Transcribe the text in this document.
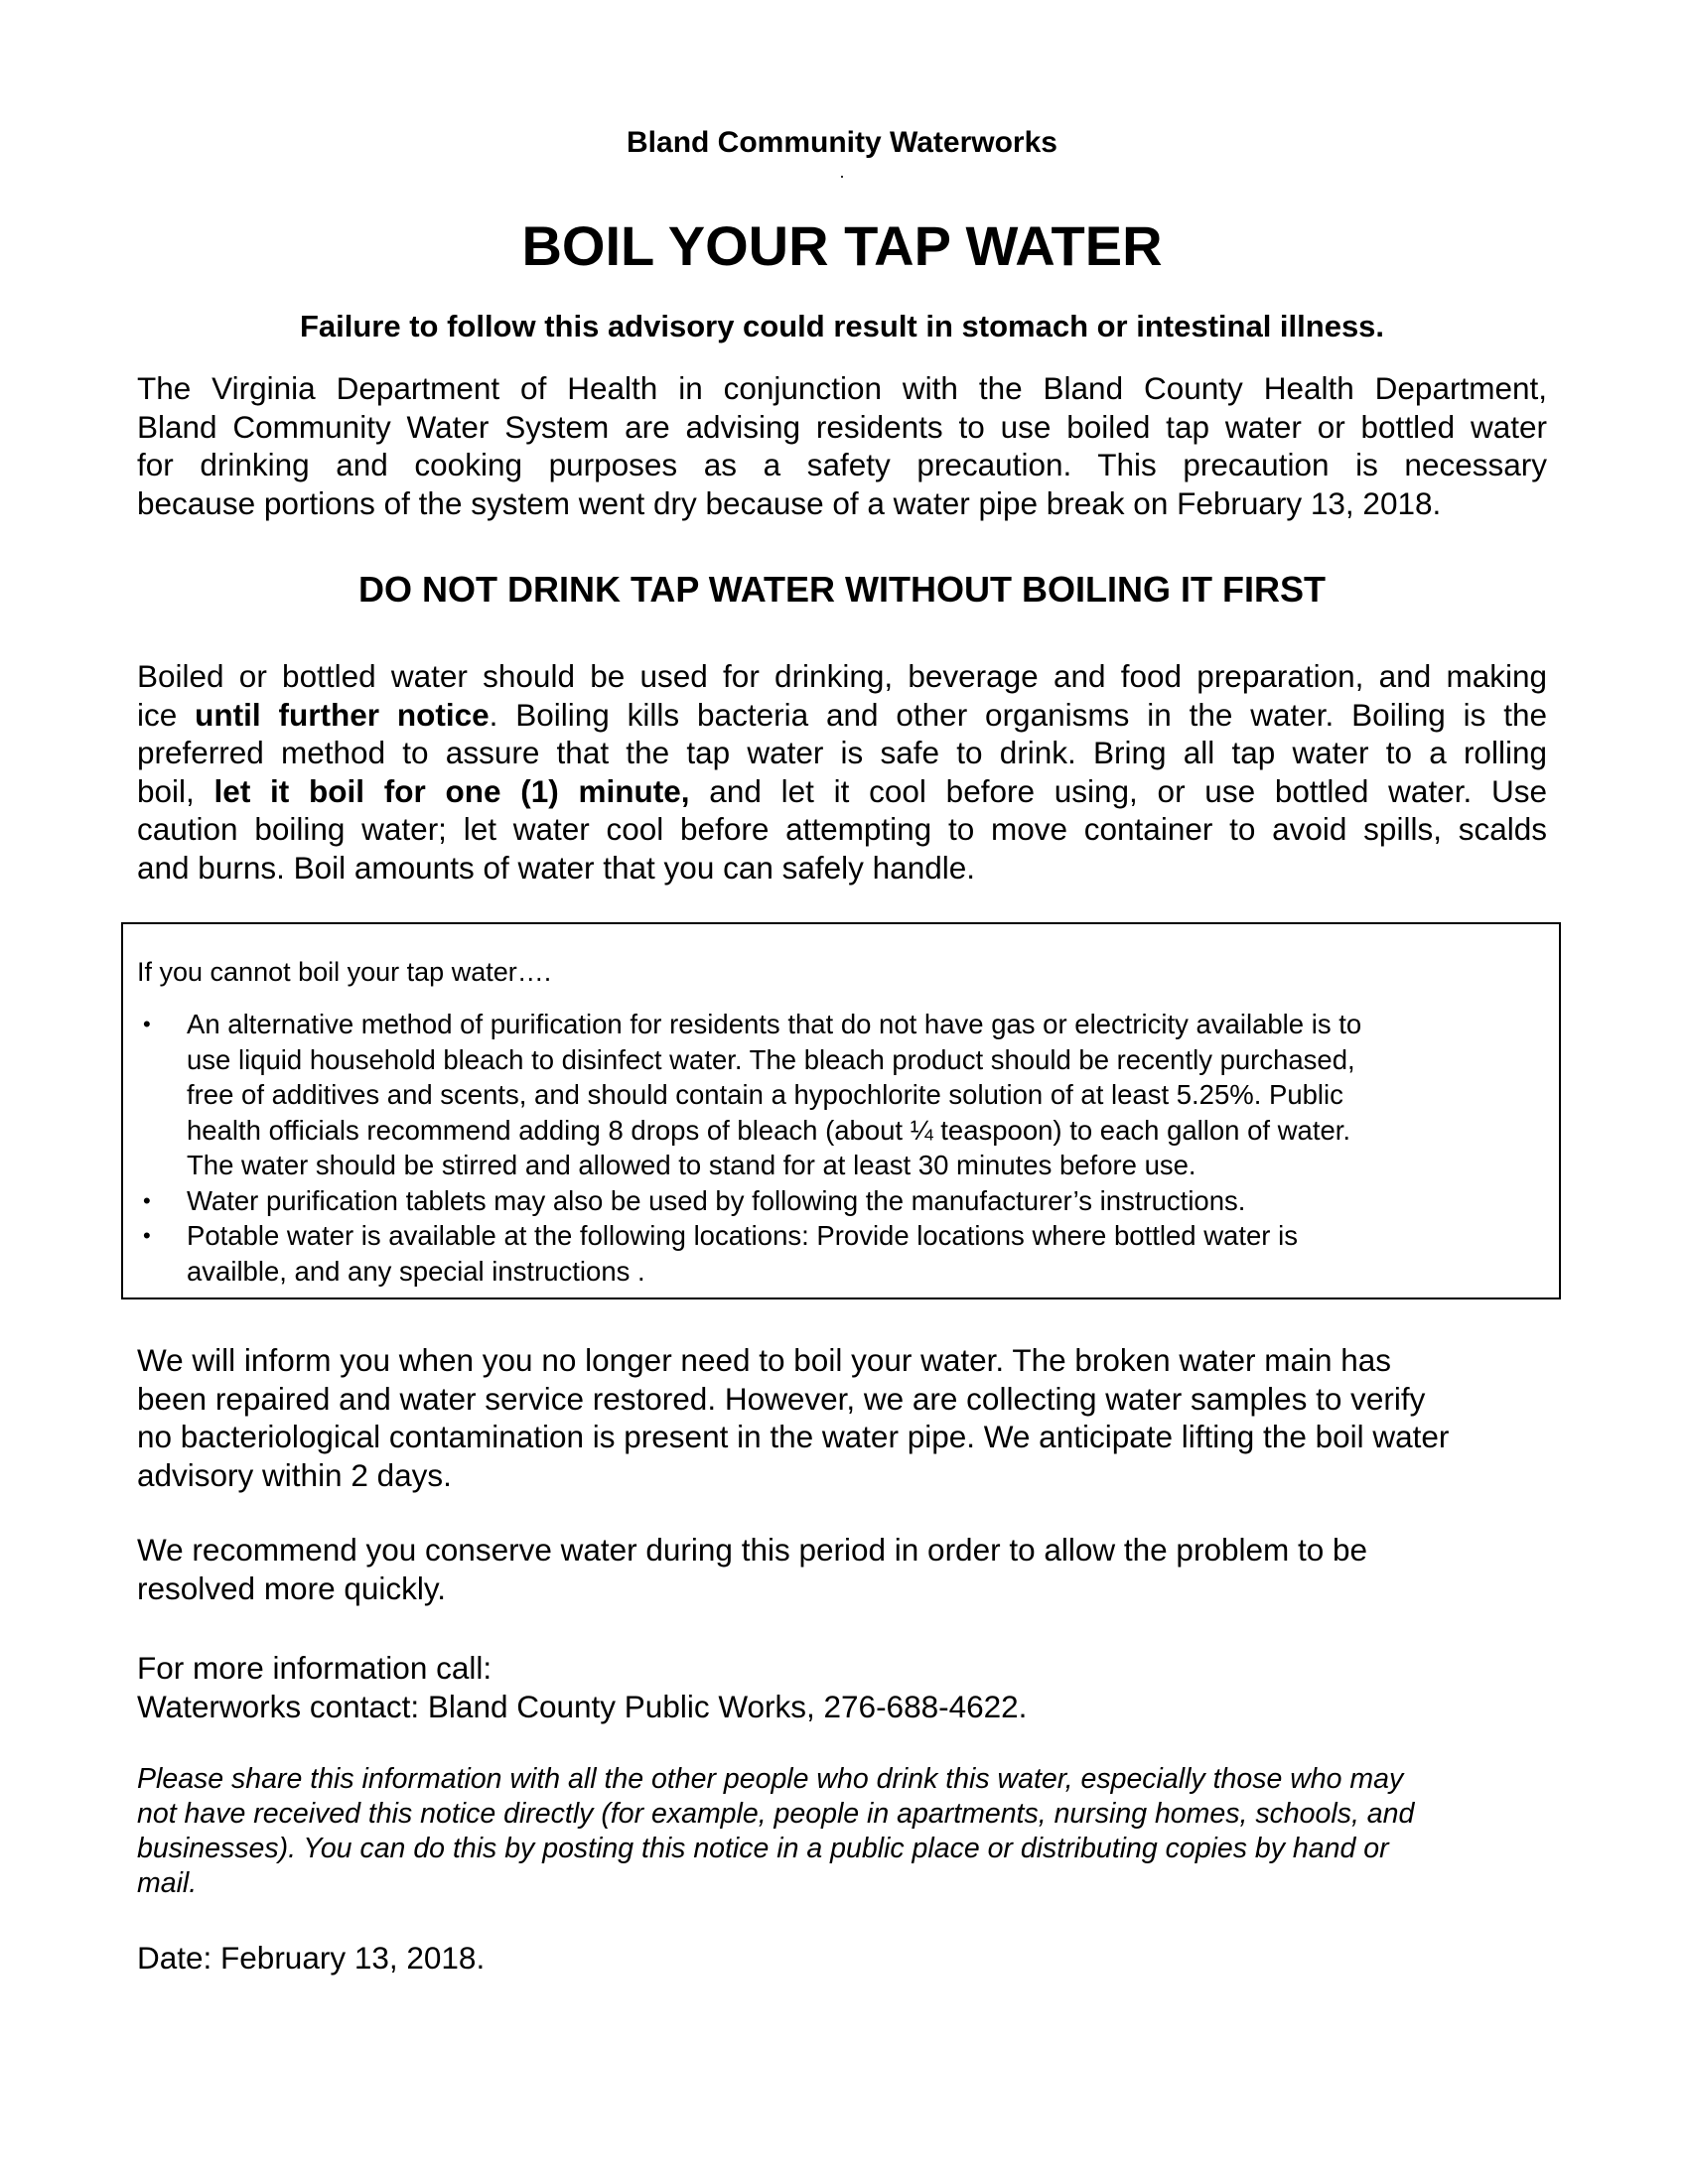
Bland Community Waterworks
.
BOIL YOUR TAP WATER
Failure to follow this advisory could result in stomach or intestinal illness.
The Virginia Department of Health in conjunction with the Bland County Health Department,
Bland Community Water System are advising residents to use boiled tap water or bottled water
for drinking and cooking purposes as a safety precaution. This precaution is necessary
because portions of the system went dry because of a water pipe break on February 13, 2018.
DO NOT DRINK TAP WATER WITHOUT BOILING IT FIRST
Boiled or bottled water should be used for drinking, beverage and food preparation, and making
ice until further notice. Boiling kills bacteria and other organisms in the water. Boiling is the
preferred method to assure that the tap water is safe to drink. Bring all tap water to a rolling
boil, let it boil for one (1) minute, and let it cool before using, or use bottled water. Use
caution boiling water; let water cool before attempting to move container to avoid spills, scalds
and burns. Boil amounts of water that you can safely handle.
If you cannot boil your tap water….
• An alternative method of purification for residents that do not have gas or electricity available is to
use liquid household bleach to disinfect water. The bleach product should be recently purchased,
free of additives and scents, and should contain a hypochlorite solution of at least 5.25%. Public
health officials recommend adding 8 drops of bleach (about ¼ teaspoon) to each gallon of water.
The water should be stirred and allowed to stand for at least 30 minutes before use.
• Water purification tablets may also be used by following the manufacturer’s instructions.
• Potable water is available at the following locations: Provide locations where bottled water is
availble, and any special instructions .
We will inform you when you no longer need to boil your water. The broken water main has
been repaired and water service restored. However, we are collecting water samples to verify
no bacteriological contamination is present in the water pipe. We anticipate lifting the boil water
advisory within 2 days.
We recommend you conserve water during this period in order to allow the problem to be
resolved more quickly.
For more information call:
Waterworks contact: Bland County Public Works, 276-688-4622.
Please share this information with all the other people who drink this water, especially those who may
not have received this notice directly (for example, people in apartments, nursing homes, schools, and
businesses). You can do this by posting this notice in a public place or distributing copies by hand or
mail.
Date: February 13, 2018.
